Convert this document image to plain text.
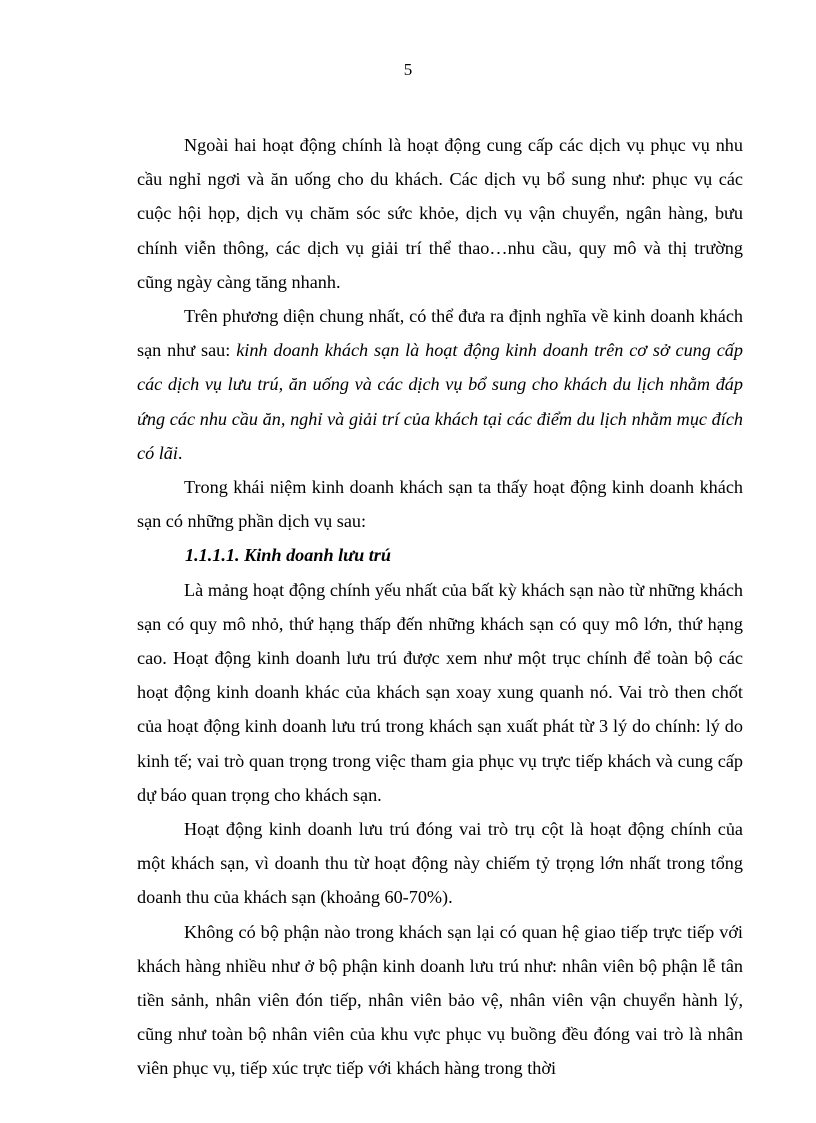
5

Ngoài hai hoạt động chính là hoạt động cung cấp các dịch vụ phục vụ nhu cầu nghỉ ngơi và ăn uống cho du khách. Các dịch vụ bổ sung như: phục vụ các cuộc hội họp, dịch vụ chăm sóc sức khỏe, dịch vụ vận chuyển, ngân hàng, bưu chính viễn thông, các dịch vụ giải trí thể thao…nhu cầu, quy mô và thị trường cũng ngày càng tăng nhanh.

Trên phương diện chung nhất, có thể đưa ra định nghĩa về kinh doanh khách sạn như sau: kinh doanh khách sạn là hoạt động kinh doanh trên cơ sở cung cấp các dịch vụ lưu trú, ăn uống và các dịch vụ bổ sung cho khách du lịch nhằm đáp ứng các nhu cầu ăn, nghỉ và giải trí của khách tại các điểm du lịch nhằm mục đích có lãi.

Trong khái niệm kinh doanh khách sạn ta thấy hoạt động kinh doanh khách sạn có những phần dịch vụ sau:

1.1.1.1. Kinh doanh lưu trú

Là mảng hoạt động chính yếu nhất của bất kỳ khách sạn nào từ những khách sạn có quy mô nhỏ, thứ hạng thấp đến những khách sạn có quy mô lớn, thứ hạng cao. Hoạt động kinh doanh lưu trú được xem như một trục chính để toàn bộ các hoạt động kinh doanh khác của khách sạn xoay xung quanh nó. Vai trò then chốt của hoạt động kinh doanh lưu trú trong khách sạn xuất phát từ 3 lý do chính: lý do kinh tế; vai trò quan trọng trong việc tham gia phục vụ trực tiếp khách và cung cấp dự báo quan trọng cho khách sạn.

Hoạt động kinh doanh lưu trú đóng vai trò trụ cột là hoạt động chính của một khách sạn, vì doanh thu từ hoạt động này chiếm tỷ trọng lớn nhất trong tổng doanh thu của khách sạn (khoảng 60-70%).

Không có bộ phận nào trong khách sạn lại có quan hệ giao tiếp trực tiếp với khách hàng nhiều như ở bộ phận kinh doanh lưu trú như: nhân viên bộ phận lễ tân tiền sảnh, nhân viên đón tiếp, nhân viên bảo vệ, nhân viên vận chuyển hành lý, cũng như toàn bộ nhân viên của khu vực phục vụ buồng đều đóng vai trò là nhân viên phục vụ, tiếp xúc trực tiếp với khách hàng trong thời
